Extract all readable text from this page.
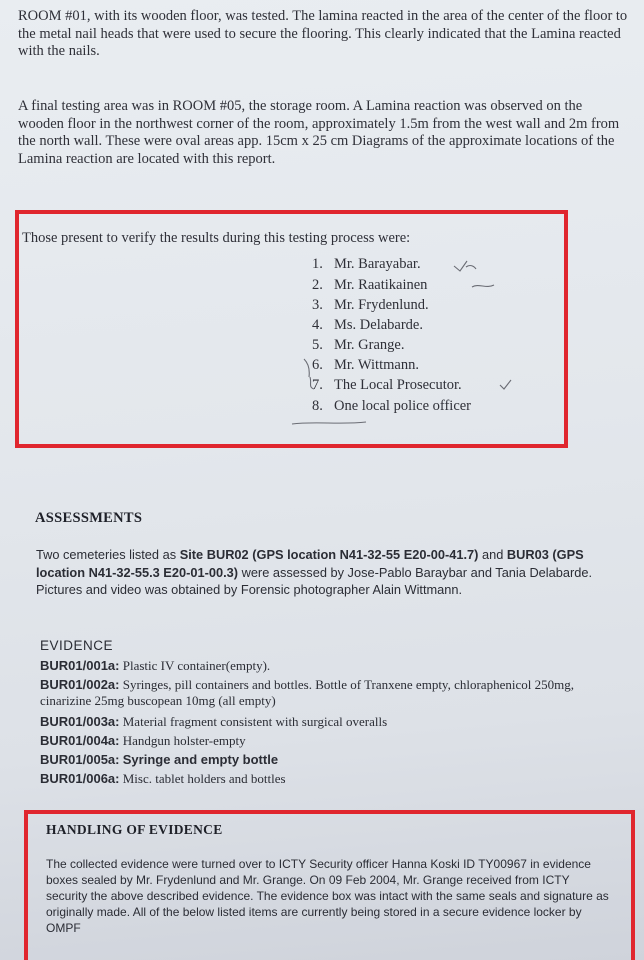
ROOM #01, with its wooden floor, was tested. The lamina reacted in the area of the center of the floor to the metal nail heads that were used to secure the flooring. This clearly indicated that the Lamina reacted with the nails.

A final testing area was in ROOM #05, the storage room. A Lamina reaction was observed on the wooden floor in the northwest corner of the room, approximately 1.5m from the west wall and 2m from the north wall. These were oval areas app. 15cm x 25 cm Diagrams of the approximate locations of the Lamina reaction are located with this report.

Those present to verify the results during this testing process were:

1. Mr. Barayabar.

2. Mr. Raatikainen

3. Mr. Frydenlund.

4. Ms. Delabarde.

5. Mr. Grange.

6. Mr. Wittmann.

7. The Local Prosecutor.

8. One local police officer

ASSESSMENTS

Two cemeteries listed as Site BUR02 (GPS location N41-32-55 E20-00-41.7) and BUR03 (GPS location N41-32-55.3 E20-01-00.3) were assessed by Jose-Pablo Baraybar and Tania Delabarde. Pictures and video was obtained by Forensic photographer Alain Wittmann.

EVIDENCE

BUR01/001a: Plastic IV container(empty).

BUR01/002a: Syringes, pill containers and bottles. Bottle of Tranxene empty, chloraphenicol 250mg, cinarizine 25mg buscopean 10mg (all empty)

BUR01/003a: Material fragment consistent with surgical overalls

BUR01/004a: Handgun holster-empty

BUR01/005a: Syringe and empty bottle

BUR01/006a: Misc. tablet holders and bottles

HANDLING OF EVIDENCE

The collected evidence were turned over to ICTY Security officer Hanna Koski ID TY00967 in evidence boxes sealed by Mr. Frydenlund and Mr. Grange. On 09 Feb 2004, Mr. Grange received from ICTY security the above described evidence. The evidence box was intact with the same seals and signature as originally made. All of the below listed items are currently being stored in a secure evidence locker by OMPF
